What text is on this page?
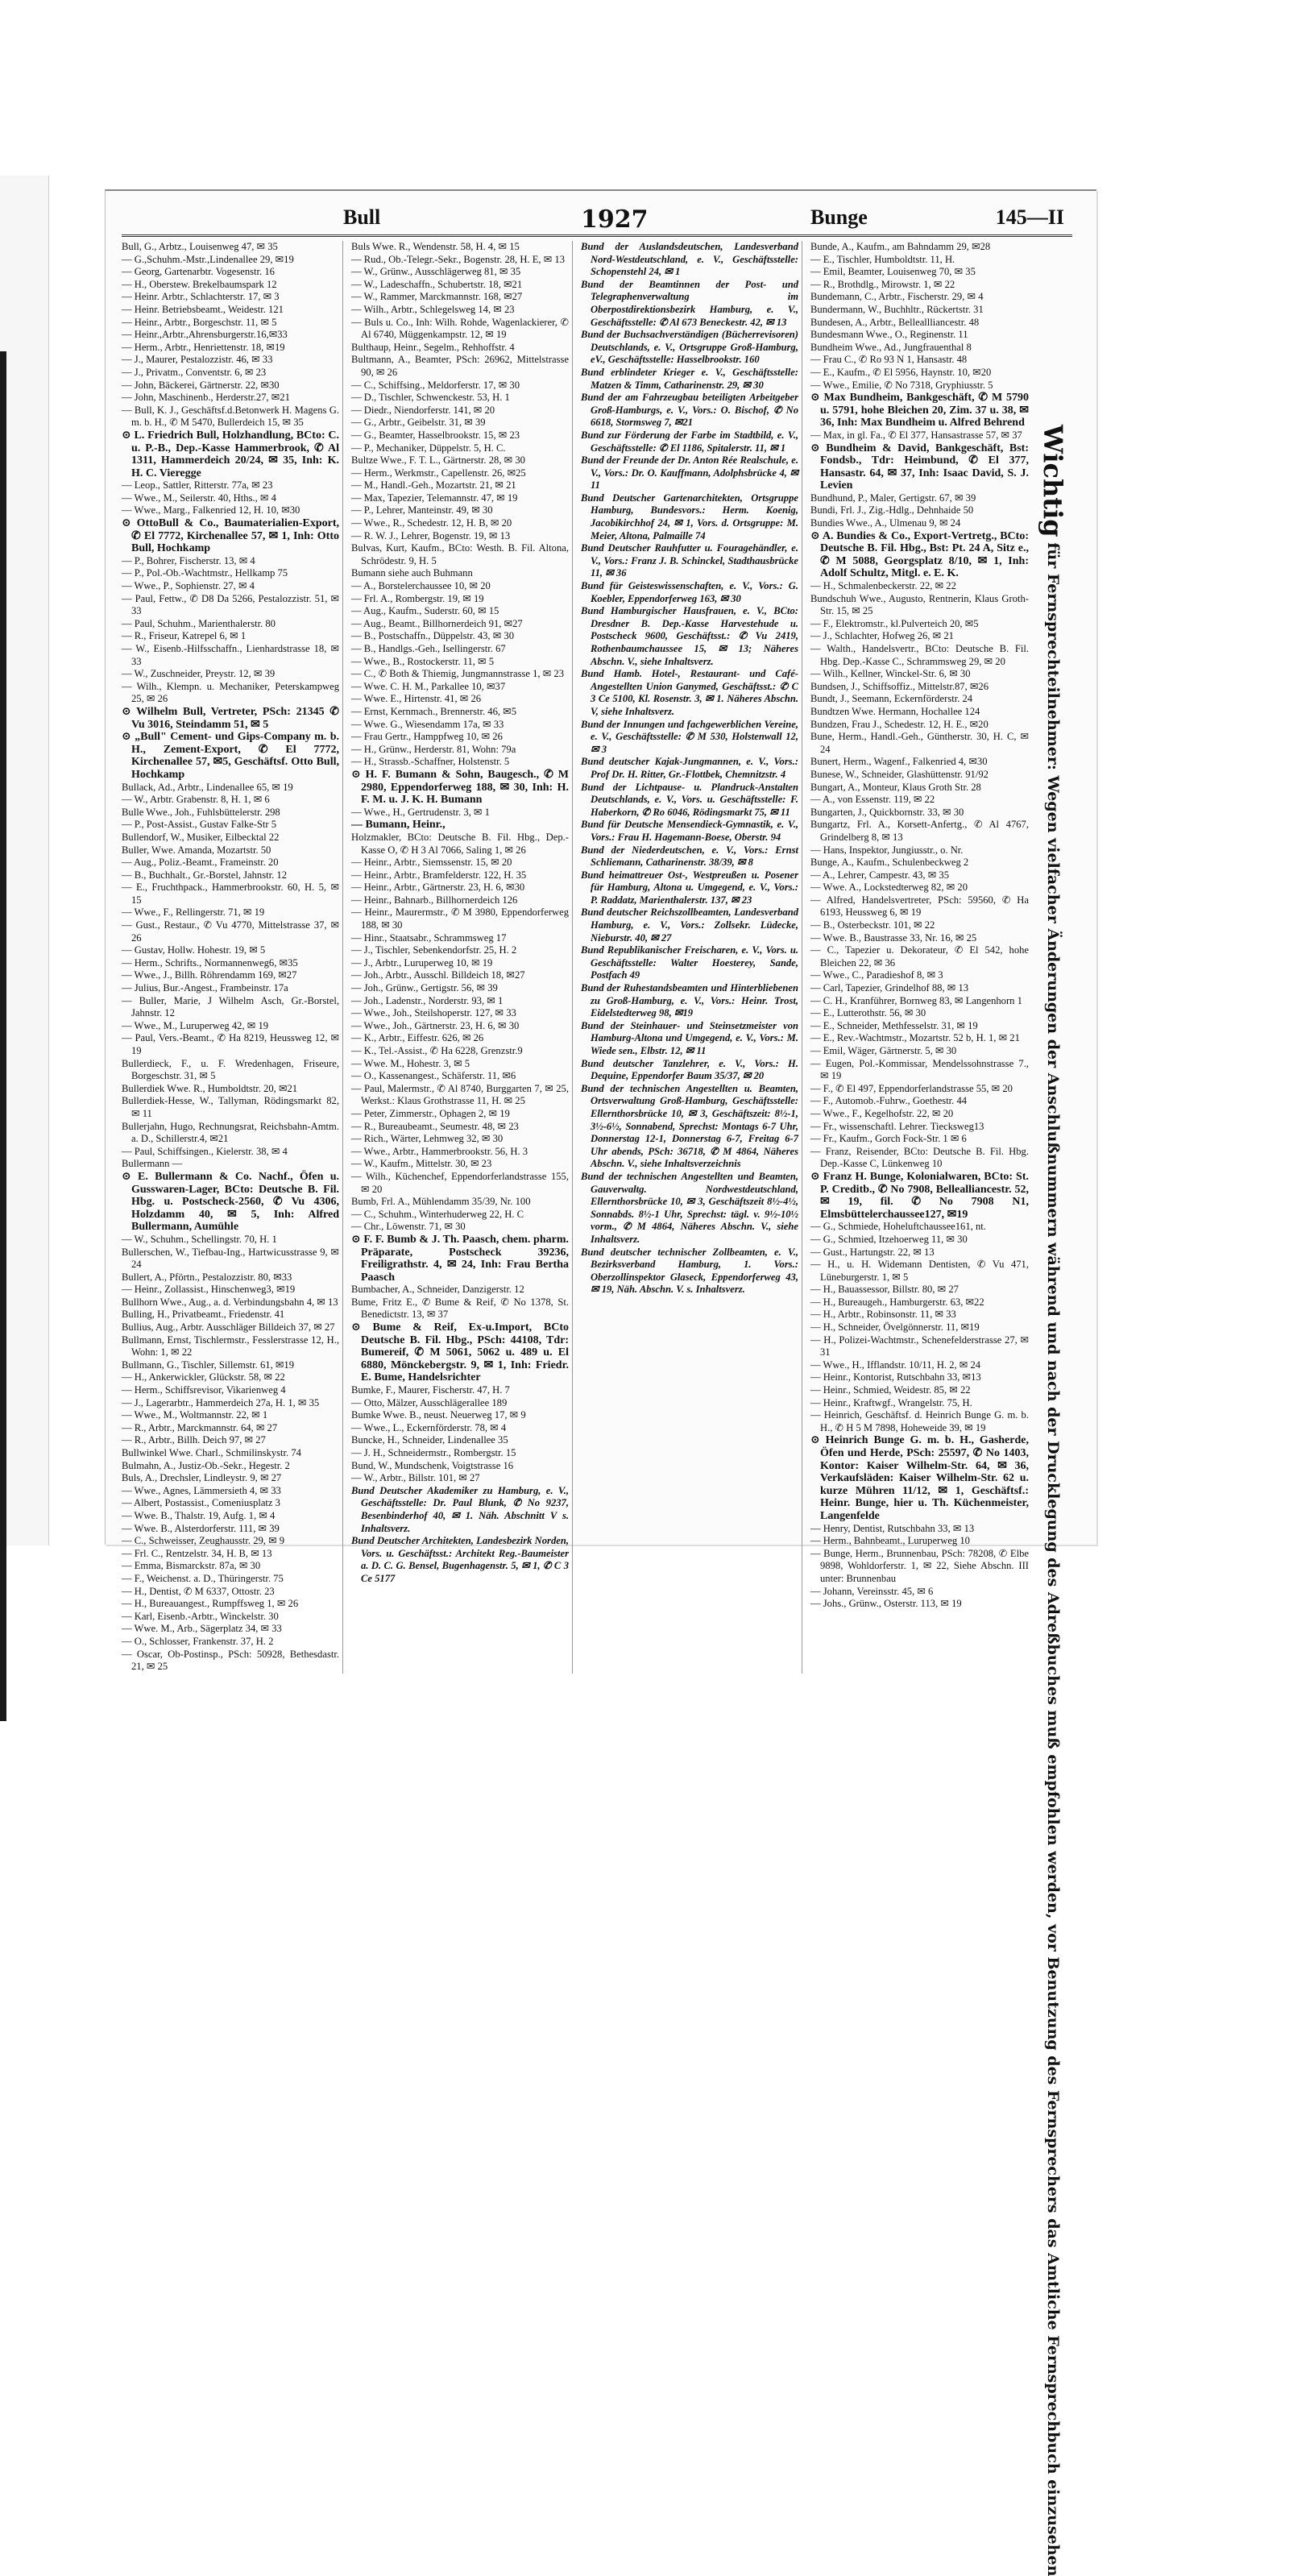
Bull	1927	Bunge	145—II

Bull, G., Arbtz., Louisenweg 47, ✉ 35

— G.,Schuhm.-Mstr.,Lindenallee 29, ✉19

— Georg, Gartenarbtr. Vogesenstr. 16

— H., Oberstew. Brekelbaumspark 12

— Heinr. Arbtr., Schlachterstr. 17, ✉ 3

— Heinr. Betriebsbeamt., Weidestr. 121

— Heinr., Arbtr., Borgeschstr. 11, ✉ 5

— Heinr.,Arbtr.,Ahrensburgerstr.16,✉33

— Herm., Arbtr., Henriettenstr. 18, ✉19

— J., Maurer, Pestalozzistr. 46, ✉ 33

— J., Privatm., Conventstr. 6, ✉ 23

— John, Bäckerei, Gärtnerstr. 22, ✉30

— John, Maschinenb., Herderstr.27, ✉21

— Bull, K. J., Geschäftsf.d.Betonwerk H. Magens G. m. b. H., ✆ M 5470, Bullerdeich 15, ✉ 35

⊙ L. Friedrich Bull, Holzhandlung, BCto: C. u. P.-B., Dep.-Kasse Hammerbrook, ✆ Al 1311, Hammerdeich 20/24, ✉ 35, Inh: K. H. C. Vieregge

— Leop., Sattler, Ritterstr. 77a, ✉ 23

— Wwe., M., Seilerstr. 40, Hths., ✉ 4

— Wwe., Marg., Falkenried 12, H. 10, ✉30

⊙ OttoBull & Co., Baumaterialien-Export, ✆ El 7772, Kirchenallee 57, ✉ 1, Inh: Otto Bull, Hochkamp

— P., Bohrer, Fischerstr. 13, ✉ 4

— P., Pol.-Ob.-Wachtmstr., Hellkamp 75

— Wwe., P., Sophienstr. 27, ✉ 4

— Paul, Fettw., ✆ D8 Da 5266, Pestalozzistr. 51, ✉ 33

— Paul, Schuhm., Marienthalerstr. 80

— R., Friseur, Katrepel 6, ✉ 1

— W., Eisenb.-Hilfsschaffn., Lienhardstrasse 18, ✉ 33

— W., Zuschneider, Preystr. 12, ✉ 39

— Wilh., Klempn. u. Mechaniker, Peterskampweg 25, ✉ 26

⊙ Wilhelm Bull, Vertreter, PSch: 21345 ✆ Vu 3016, Steindamm 51, ✉ 5

⊙ „Bull" Cement- und Gips-Company m. b. H., Zement-Export, ✆ El 7772, Kirchenallee 57, ✉5, Geschäftsf. Otto Bull, Hochkamp

Bullack, Ad., Arbtr., Lindenallee 65, ✉ 19

— W., Arbtr. Grabenstr. 8, H. 1, ✉ 6

Bulle Wwe., Joh., Fuhlsbüttelerstr. 298

— P., Post-Assist., Gustav Falke-Str 5

Bullendorf, W., Musiker, Eilbecktal 22

Buller, Wwe. Amanda, Mozartstr. 50

— Aug., Poliz.-Beamt., Frameinstr. 20

— B., Buchhalt., Gr.-Borstel, Jahnstr. 12

— E., Fruchthpack., Hammerbrookstr. 60, H. 5, ✉ 15

— Wwe., F., Rellingerstr. 71, ✉ 19

— Gust., Restaur., ✆ Vu 4770, Mittelstrasse 37, ✉ 26

— Gustav, Hollw. Hohestr. 19, ✉ 5

— Herm., Schrifts., Normannenweg6, ✉35

— Wwe., J., Billh. Röhrendamm 169, ✉27

— Julius, Bur.-Angest., Frambeinstr. 17a

— Buller, Marie, J Wilhelm Asch, Gr.-Borstel, Jahnstr. 12

— Wwe., M., Luruperweg 42, ✉ 19

— Paul, Vers.-Beamt., ✆ Ha 8219, Heussweg 12, ✉19

Bullerdieck, F., u. F. Wredenhagen, Friseure, Borgeschstr. 31, ✉ 5

Bullerdiek Wwe. R., Humboldtstr. 20, ✉21

Bullerdiek-Hesse, W., Tallyman, Rödingsmarkt 82, ✉ 11

Bullerjahn, Hugo, Rechnungsrat, Reichsbahn-Amtm. a. D., Schillerstr.4, ✉21

— Paul, Schiffsingen., Kielerstr. 38, ✉ 4

Bullermann —

⊙ E. Bullermann & Co. Nachf., Öfen u. Gusswaren-Lager, BCto: Deutsche B. Fil. Hbg. u. Postscheck-2560, ✆ Vu 4306, Holzdamm 40, ✉ 5, Inh: Alfred Bullermann, Aumühle

— W., Schuhm., Schellingstr. 70, H. 1

Bullerschen, W., Tiefbau-Ing., Hartwicusstrasse 9, ✉ 24

Bullert, A., Pförtn., Pestalozzistr. 80, ✉33

— Heinr., Zollassist., Hinschenweg3, ✉19

Bullhorn Wwe., Aug., a. d. Verbindungsbahn 4, ✉ 13

Bulling, H., Privatbeamt., Friedenstr. 41

Bullius, Aug., Arbtr. Ausschläger Billdeich 37, ✉ 27

Bullmann, Ernst, Tischlermstr., Fesslerstrasse 12, H., Wohn: 1, ✉ 22

Bullmann, G., Tischler, Sillemstr. 61, ✉19

— H., Ankerwickler, Glückstr. 58, ✉ 22

— Herm., Schiffsrevisor, Vikarienweg 4

— J., Lagerarbtr., Hammerdeich 27a, H. 1, ✉ 35

— Wwe., M., Woltmannstr. 22, ✉ 1

— R., Arbtr., Marckmannstr. 64, ✉ 27

— R., Arbtr., Billh. Deich 97, ✉ 27

Bullwinkel Wwe. Charl., Schmilinskystr. 74

Bulmahn, A., Justiz-Ob.-Sekr., Hegestr. 2

Buls, A., Drechsler, Lindleystr. 9, ✉ 27

— Wwe., Agnes, Lämmersieth 4, ✉ 33

— Albert, Postassist., Comeniusplatz 3

— Wwe. B., Thalstr. 19, Aufg. 1, ✉ 4

— Wwe. B., Alsterdorferstr. 111, ✉ 39

— C., Schweisser, Zeughausstr. 29, ✉ 9

— Frl. C., Rentzelstr. 34, H. B, ✉ 13

— Emma, Bismarckstr. 87a, ✉ 30

— F., Weichenst. a. D., Thüringerstr. 75

— H., Dentist, ✆ M 6337, Ottostr. 23

— H., Bureauangest., Rumpffsweg 1, ✉ 26

— Karl, Eisenb.-Arbtr., Winckelstr. 30

— Wwe. M., Arb., Sägerplatz 34, ✉ 33

— O., Schlosser, Frankenstr. 37, H. 2

— Oscar, Ob-Postinsp., PSch: 50928, Bethesdastr. 21, ✉ 25

Buls Wwe. R., Wendenstr. 58, H. 4, ✉ 15

— Rud., Ob.-Telegr.-Sekr., Bogenstr. 28, H. E, ✉ 13

— W., Grünw., Ausschlägerweg 81, ✉ 35

— W., Ladeschaffn., Schubertstr. 18, ✉21

— W., Rammer, Marckmannstr. 168, ✉27

— Wilh., Arbtr., Schlegelsweg 14, ✉ 23

— Buls u. Co., Inh: Wilh. Rohde, Wagenlackierer, ✆ Al 6740, Müggenkampstr. 12, ✉ 19

Bulthaup, Heinr., Segelm., Rehhoffstr. 4

Bultmann, A., Beamter, PSch: 26962, Mittelstrasse 90, ✉ 26

— C., Schiffsing., Meldorferstr. 17, ✉ 30

— D., Tischler, Schwenckestr. 53, H. 1

— Diedr., Niendorferstr. 141, ✉ 20

— G., Arbtr., Geibelstr. 31, ✉ 39

— G., Beamter, Hasselbrookstr. 15, ✉ 23

— P., Mechaniker, Düppelstr. 5, H. C.

Bultze Wwe., F. T. L., Gärtnerstr. 28, ✉ 30

— Herm., Werkmstr., Capellenstr. 26, ✉25

— M., Handl.-Geh., Mozartstr. 21, ✉ 21

— Max, Tapezier, Telemannstr. 47, ✉ 19

— P., Lehrer, Manteinstr. 49, ✉ 30

— Wwe., R., Schedestr. 12, H. B, ✉ 20

— R. W. J., Lehrer, Bogenstr. 19, ✉ 13

Bulvas, Kurt, Kaufm., BCto: Westh. B. Fil. Altona, Schrödestr. 9, H. 5

Bumann siehe auch Buhmann

— A., Borstelerchaussee 10, ✉ 20

— Frl. A., Rombergstr. 19, ✉ 19

— Aug., Kaufm., Suderstr. 60, ✉ 15

— Aug., Beamt., Billhornerdeich 91, ✉27

— B., Postschaffn., Düppelstr. 43, ✉ 30

— B., Handlgs.-Geh., Isellingerstr. 67

— Wwe., B., Rostockerstr. 11, ✉ 5

— C., ✆ Both & Thiemig, Jungmannstrasse 1, ✉ 23

— Wwe. C. H. M., Parkallee 10, ✉37

— Wwe. E., Hirtenstr. 41, ✉ 26

— Ernst, Kernmach., Brennerstr. 46, ✉5

— Wwe. G., Wiesendamm 17a, ✉ 33

— Frau Gertr., Hamppfweg 10, ✉ 26

— H., Grünw., Herderstr. 81, Wohn: 79a

— H., Strassb.-Schaffner, Holstenstr. 5

⊙ H. F. Bumann & Sohn, Baugesch., ✆ M 2980, Eppendorferweg 188, ✉ 30, Inh: H. F. M. u. J. K. H. Bumann

— Wwe., H., Gertrudenstr. 3, ✉ 1

— Bumann, Heinr.,

Holzmakler, BCto: Deutsche B. Fil. Hbg., Dep.-Kasse O, ✆ H 3 Al 7066, Saling 1, ✉ 26

— Heinr., Arbtr., Siemssenstr. 15, ✉ 20

— Heinr., Arbtr., Bramfelderstr. 122, H. 35

— Heinr., Arbtr., Gärtnerstr. 23, H. 6, ✉30

— Heinr., Bahnarb., Billhornerdeich 126

— Heinr., Maurermstr., ✆ M 3980, Eppendorferweg 188, ✉ 30

— Hinr., Staatsabr., Schrammsweg 17

— J., Tischler, Sebenkendorfstr. 25, H. 2

— J., Arbtr., Luruperweg 10, ✉ 19

— Joh., Arbtr., Ausschl. Billdeich 18, ✉27

— Joh., Grünw., Gertigstr. 56, ✉ 39

— Joh., Ladenstr., Norderstr. 93, ✉ 1

— Wwe., Joh., Steilshoperstr. 127, ✉ 33

— Wwe., Joh., Gärtnerstr. 23, H. 6, ✉ 30

— K., Arbtr., Eiffestr. 626, ✉ 26

— K., Tel.-Assist., ✆ Ha 6228, Grenzstr.9

— Wwe. M., Hohestr. 3, ✉ 5

— O., Kassenangest., Schäferstr. 11, ✉6

— Paul, Malermstr., ✆ Al 8740, Burggarten 7, ✉ 25, Werkst.: Klaus Grothstrasse 11, H. ✉ 25

— Peter, Zimmerstr., Ophagen 2, ✉ 19

— R., Bureaubeamt., Seumestr. 48, ✉ 23

— Rich., Wärter, Lehmweg 32, ✉ 30

— Wwe., Arbtr., Hammerbrookstr. 56, H. 3

— W., Kaufm., Mittelstr. 30, ✉ 23

— Wilh., Küchenchef, Eppendorferlandstrasse 155, ✉ 20

Bumb, Frl. A., Mühlendamm 35/39, Nr. 100

— C., Schuhm., Winterhuderweg 22, H. C

— Chr., Löwenstr. 71, ✉ 30

⊙ F. F. Bumb & J. Th. Paasch, chem. pharm. Präparate, Postscheck 39236, Freiligrathstr. 4, ✉ 24, Inh: Frau Bertha Paasch

Bumbacher, A., Schneider, Danzigerstr. 12

Bume, Fritz E., ✆ Bume & Reif, ✆ No 1378, St. Benedictstr. 13, ✉ 37

⊙ Bume & Reif, Ex-u.Import, BCto Deutsche B. Fil. Hbg., PSch: 44108, Tdr: Bumereif, ✆ M 5061, 5062 u. 489 u. El 6880, Mönckebergstr. 9, ✉ 1, Inh: Friedr. E. Bume, Handelsrichter

Bumke, F., Maurer, Fischerstr. 47, H. 7

— Otto, Mälzer, Ausschlägerallee 189

Bumke Wwe. B., neust. Neuerweg 17, ✉ 9

— Wwe., L., Eckernförderstr. 78, ✉ 4

Buncke, H., Schneider, Lindenallee 35

— J. H., Schneidermstr., Rombergstr. 15

Bund, W., Mundschenk, Voigtstrasse 16

— W., Arbtr., Billstr. 101, ✉ 27

Bund Deutscher Akademiker zu Hamburg, e. V., Geschäftsstelle: Dr. Paul Blunk, ✆ No 9237, Besenbinderhof 40, ✉ 1. Näh. Abschnitt V s. Inhaltsverz.

Bund Deutscher Architekten, Landesbezirk Norden, Vors. u. Geschäftsst.: Architekt Reg.-Baumeister a. D. C. G. Bensel, Bugenhagenstr. 5, ✉ 1, ✆ C 3 Ce 5177

Bund der Auslandsdeutschen, Landesverband Nord-Westdeutschland, e. V., Geschäftsstelle: Schopenstehl 24, ✉ 1

Bund der Beamtinnen der Post- und Telegraphenverwaltung im Oberpostdirektionsbezirk Hamburg, e. V., Geschäftsstelle: ✆ Al 673 Beneckestr. 42, ✉ 13

Bund der Buchsachverständigen (Bücherrevisoren) Deutschlands, e. V., Ortsgruppe Groß-Hamburg, eV., Geschäftsstelle: Hasselbrookstr. 160

Bund erblindeter Krieger e. V., Geschäftsstelle: Matzen & Timm, Catharinenstr. 29, ✉ 30

Bund der am Fahrzeugbau beteiligten Arbeitgeber Groß-Hamburgs, e. V., Vors.: O. Bischof, ✆ No 6618, Stormsweg 7, ✉21

Bund zur Förderung der Farbe im Stadtbild, e. V., Geschäftsstelle: ✆ El 1186, Spitalerstr. 11, ✉ 1

Bund der Freunde der Dr. Anton Rée Realschule, e. V., Vors.: Dr. O. Kauffmann, Adolphsbrücke 4, ✉ 11

Bund Deutscher Gartenarchitekten, Ortsgruppe Hamburg, Bundesvors.: Herm. Koenig, Jacobikirchhof 24, ✉ 1, Vors. d. Ortsgruppe: M. Meier, Altona, Palmaille 74

Bund Deutscher Rauhfutter u. Fouragehändler, e. V., Vors.: Franz J. B. Schinckel, Stadthausbrücke 11, ✉ 36

Bund für Geisteswissenschaften, e. V., Vors.: G. Koebler, Eppendorferweg 163, ✉ 30

Bund Hamburgischer Hausfrauen, e. V., BCto: Dresdner B. Dep.-Kasse Harvestehude u. Postscheck 9600, Geschäftsst.: ✆ Vu 2419, Rothenbaumchaussee 15, ✉ 13; Näheres Abschn. V., siehe Inhaltsverz.

Bund Hamb. Hotel-, Restaurant- und Café-Angestellten Union Ganymed, Geschäftsst.: ✆ C 3 Ce 5100, Kl. Rosenstr. 3, ✉ 1. Näheres Abschn. V, siehe Inhaltsverz.

Bund der Innungen und fachgewerblichen Vereine, e. V., Geschäftsstelle: ✆ M 530, Holstenwall 12, ✉ 3

Bund deutscher Kajak-Jungmannen, e. V., Vors.: Prof Dr. H. Ritter, Gr.-Flottbek, Chemnitzstr. 4

Bund der Lichtpause- u. Plandruck-Anstalten Deutschlands, e. V., Vors. u. Geschäftsstelle: F. Haberkorn, ✆ Ro 6046, Rödingsmarkt 75, ✉ 11

Bund für Deutsche Mensendieck-Gymnastik, e. V., Vors.: Frau H. Hagemann-Boese, Oberstr. 94

Bund der Niederdeutschen, e. V., Vors.: Ernst Schliemann, Catharinenstr. 38/39, ✉ 8

Bund heimattreuer Ost-, Westpreußen u. Posener für Hamburg, Altona u. Umgegend, e. V., Vors.: P. Raddatz, Marienthalerstr. 137, ✉ 23

Bund deutscher Reichszollbeamten, Landesverband Hamburg, e. V., Vors.: Zollsekr. Lüdecke, Nieburstr. 40, ✉ 27

Bund Republikanischer Freischaren, e. V., Vors. u. Geschäftsstelle: Walter Hoesterey, Sande, Postfach 49

Bund der Ruhestandsbeamten und Hinterbliebenen zu Groß-Hamburg, e. V., Vors.: Heinr. Trost, Eidelstedterweg 98, ✉19

Bund der Steinhauer- und Steinsetzmeister von Hamburg-Altona und Umgegend, e. V., Vors.: M. Wiede sen., Elbstr. 12, ✉ 11

Bund deutscher Tanzlehrer, e. V., Vors.: H. Dequine, Eppendorfer Baum 35/37, ✉ 20

Bund der technischen Angestellten u. Beamten, Ortsverwaltung Groß-Hamburg, Geschäftsstelle: Ellernthorsbrücke 10, ✉ 3, Geschäftszeit: 8½-1, 3½-6½, Sonnabend, Sprechst: Montags 6-7 Uhr, Donnerstag 12-1, Donnerstag 6-7, Freitag 6-7 Uhr abends, PSch: 36718, ✆ M 4864, Näheres Abschn. V., siehe Inhaltsverzeichnis

Bund der technischen Angestellten und Beamten, Gauverwaltg. Nordwestdeutschland, Ellernthorsbrücke 10, ✉ 3, Geschäftszeit 8½-4½, Sonnabds. 8½-1 Uhr, Sprechst: tägl. v. 9½-10½ vorm., ✆ M 4864, Näheres Abschn. V., siehe Inhaltsverz.

Bund deutscher technischer Zollbeamten, e. V., Bezirksverband Hamburg, 1. Vors.: Oberzollinspektor Glaseck, Eppendorferweg 43, ✉ 19, Näh. Abschn. V. s. Inhaltsverz.

Bunde, A., Kaufm., am Bahndamm 29, ✉28

— E., Tischler, Humboldtstr. 11, H.

— Emil, Beamter, Louisenweg 70, ✉ 35

— R., Brothdlg., Mirowstr. 1, ✉ 22

Bundemann, C., Arbtr., Fischerstr. 29, ✉ 4

Bundermann, W., Buchhltr., Rückertstr. 31

Bundesen, A., Arbtr., Belleallliancestr. 48

Bundesmann Wwe., O., Reginenstr. 11

Bundheim Wwe., Ad., Jungfrauenthal 8

— Frau C., ✆ Ro 93 N 1, Hansastr. 48

— E., Kaufm., ✆ El 5956, Haynstr. 10, ✉20

— Wwe., Emilie, ✆ No 7318, Gryphiusstr. 5

⊙ Max Bundheim, Bankgeschäft, ✆ M 5790 u. 5791, hohe Bleichen 20, Zim. 37 u. 38, ✉ 36, Inh: Max Bundheim u. Alfred Behrend

— Max, in gl. Fa., ✆ El 377, Hansastrasse 57, ✉ 37

⊙ Bundheim & David, Bankgeschäft, Bst: Fondsb., Tdr: Heimbund, ✆ El 377, Hansastr. 64, ✉ 37, Inh: Isaac David, S. J. Levien

Bundhund, P., Maler, Gertigstr. 67, ✉ 39

Bundi, Frl. J., Zig.-Hdlg., Dehnhaide 50

Bundies Wwe., A., Ulmenau 9, ✉ 24

⊙ A. Bundies & Co., Export-Vertretg., BCto: Deutsche B. Fil. Hbg., Bst: Pt. 24 A, Sitz e., ✆ M 5088, Georgsplatz 8/10, ✉ 1, Inh: Adolf Schultz, Mitgl. e. E. K.

— H., Schmalenbeckerstr. 22, ✉ 22

Bundschuh Wwe., Augusto, Rentnerin, Klaus Groth-Str. 15, ✉ 25

— F., Elektromstr., kl.Pulverteich 20, ✉5

— J., Schlachter, Hofweg 26, ✉ 21

— Walth., Handelsvertr., BCto: Deutsche B. Fil. Hbg. Dep.-Kasse C., Schrammsweg 29, ✉ 20

— Wilh., Kellner, Winckel-Str. 6, ✉ 30

Bundsen, J., Schiffsoffiz., Mittelstr.87, ✉26

Bundt, J., Seemann, Eckernförderstr. 24

Bundtzen Wwe. Hermann, Hochallee 124

Bundzen, Frau J., Schedestr. 12, H. E., ✉20

Bune, Herm., Handl.-Geh., Güntherstr. 30, H. C, ✉ 24

Bunert, Herm., Wagenf., Falkenried 4, ✉30

Bunese, W., Schneider, Glashüttenstr. 91/92

Bungart, A., Monteur, Klaus Groth Str. 28

— A., von Essenstr. 119, ✉ 22

Bungarten, J., Quickbornstr. 33, ✉ 30

Bungartz, Frl. A., Korsett-Anfertg., ✆ Al 4767, Grindelberg 8, ✉ 13

— Hans, Inspektor, Jungiusstr., o. Nr.

Bunge, A., Kaufm., Schulenbeckweg 2

— A., Lehrer, Campestr. 43, ✉ 35

— Wwe. A., Lockstedterweg 82, ✉ 20

— Alfred, Handelsvertreter, PSch: 59560, ✆ Ha 6193, Heussweg 6, ✉ 19

— B., Osterbeckstr. 101, ✉ 22

— Wwe. B., Baustrasse 33, Nr. 16, ✉ 25

— C., Tapezier u. Dekorateur, ✆ El 542, hohe Bleichen 22, ✉ 36

— Wwe., C., Paradieshof 8, ✉ 3

— Carl, Tapezier, Grindelhof 88, ✉ 13

— C. H., Kranführer, Bornweg 83, ✉ Langenhorn 1

— E., Lutterothstr. 56, ✉ 30

— E., Schneider, Methfesselstr. 31, ✉ 19

— E., Rev.-Wachtmstr., Mozartstr. 52 b, H. 1, ✉ 21

— Emil, Wäger, Gärtnerstr. 5, ✉ 30

— Eugen, Pol.-Kommissar, Mendelssohnstrasse 7., ✉ 19

— F., ✆ El 497, Eppendorferlandstrasse 55, ✉ 20

— F., Automob.-Fuhrw., Goethestr. 44

— Wwe., F., Kegelhofstr. 22, ✉ 20

— Fr., wissenschaftl. Lehrer. Tiecksweg13

— Fr., Kaufm., Gorch Fock-Str. 1 ✉ 6

— Franz, Reisender, BCto: Deutsche B. Fil. Hbg. Dep.-Kasse C, Lünkenweg 10

⊙ Franz H. Bunge, Kolonialwaren, BCto: St. P. Creditb., ✆ No 7908, Bellealliancestr. 52, ✉ 19, fil. ✆ No 7908 N1, Elmsbüttelerchaussee127, ✉19

— G., Schmiede, Hoheluftchaussee161, nt.

— G., Schmied, Itzehoerweg 11, ✉ 30

— Gust., Hartungstr. 22, ✉ 13

— H., u. H. Widemann Dentisten, ✆ Vu 471, Lüneburgerstr. 1, ✉ 5

— H., Bauassessor, Billstr. 80, ✉ 27

— H., Bureaugeh., Hamburgerstr. 63, ✉22

— H., Arbtr., Robinsonstr. 11, ✉ 33

— H., Schneider, Övelgönnerstr. 11, ✉19

— H., Polizei-Wachtmstr., Schenefelderstrasse 27, ✉ 31

— Wwe., H., Ifflandstr. 10/11, H. 2, ✉ 24

— Heinr., Kontorist, Rutschbahn 33, ✉13

— Heinr., Schmied, Weidestr. 85, ✉ 22

— Heinr., Kraftwgf., Wrangelstr. 75, H.

— Heinrich, Geschäftsf. d. Heinrich Bunge G. m. b. H., ✆ H 5 M 7898, Hoheweide 39, ✉ 19

⊙ Heinrich Bunge G. m. b. H., Gasherde, Öfen und Herde, PSch: 25597, ✆ No 1403, Kontor: Kaiser Wilhelm-Str. 64, ✉ 36, Verkaufsläden: Kaiser Wilhelm-Str. 62 u. kurze Mühren 11/12, ✉ 1, Geschäftsf.: Heinr. Bunge, hier u. Th. Küchenmeister, Langenfelde

— Henry, Dentist, Rutschbahn 33, ✉ 13

— Herm., Bahnbeamt., Luruperweg 10

— Bunge, Herm., Brunnenbau, PSch: 78208, ✆ Elbe 9898, Wohldorferstr. 1, ✉ 22, Siehe Abschn. III unter: Brunnenbau

— Johann, Vereinsstr. 45, ✉ 6

— Johs., Grünw., Osterstr. 113, ✉ 19

Wichtig für Fernsprechteilnehmer: Wegen vielfacher Änderungen der Anschlußnummern während und nach der Drucklegung des Adreßbuches muß empfohlen werden, vor Benutzung des Fernsprechers das Amtliche Fernsprechbuch einzusehen
